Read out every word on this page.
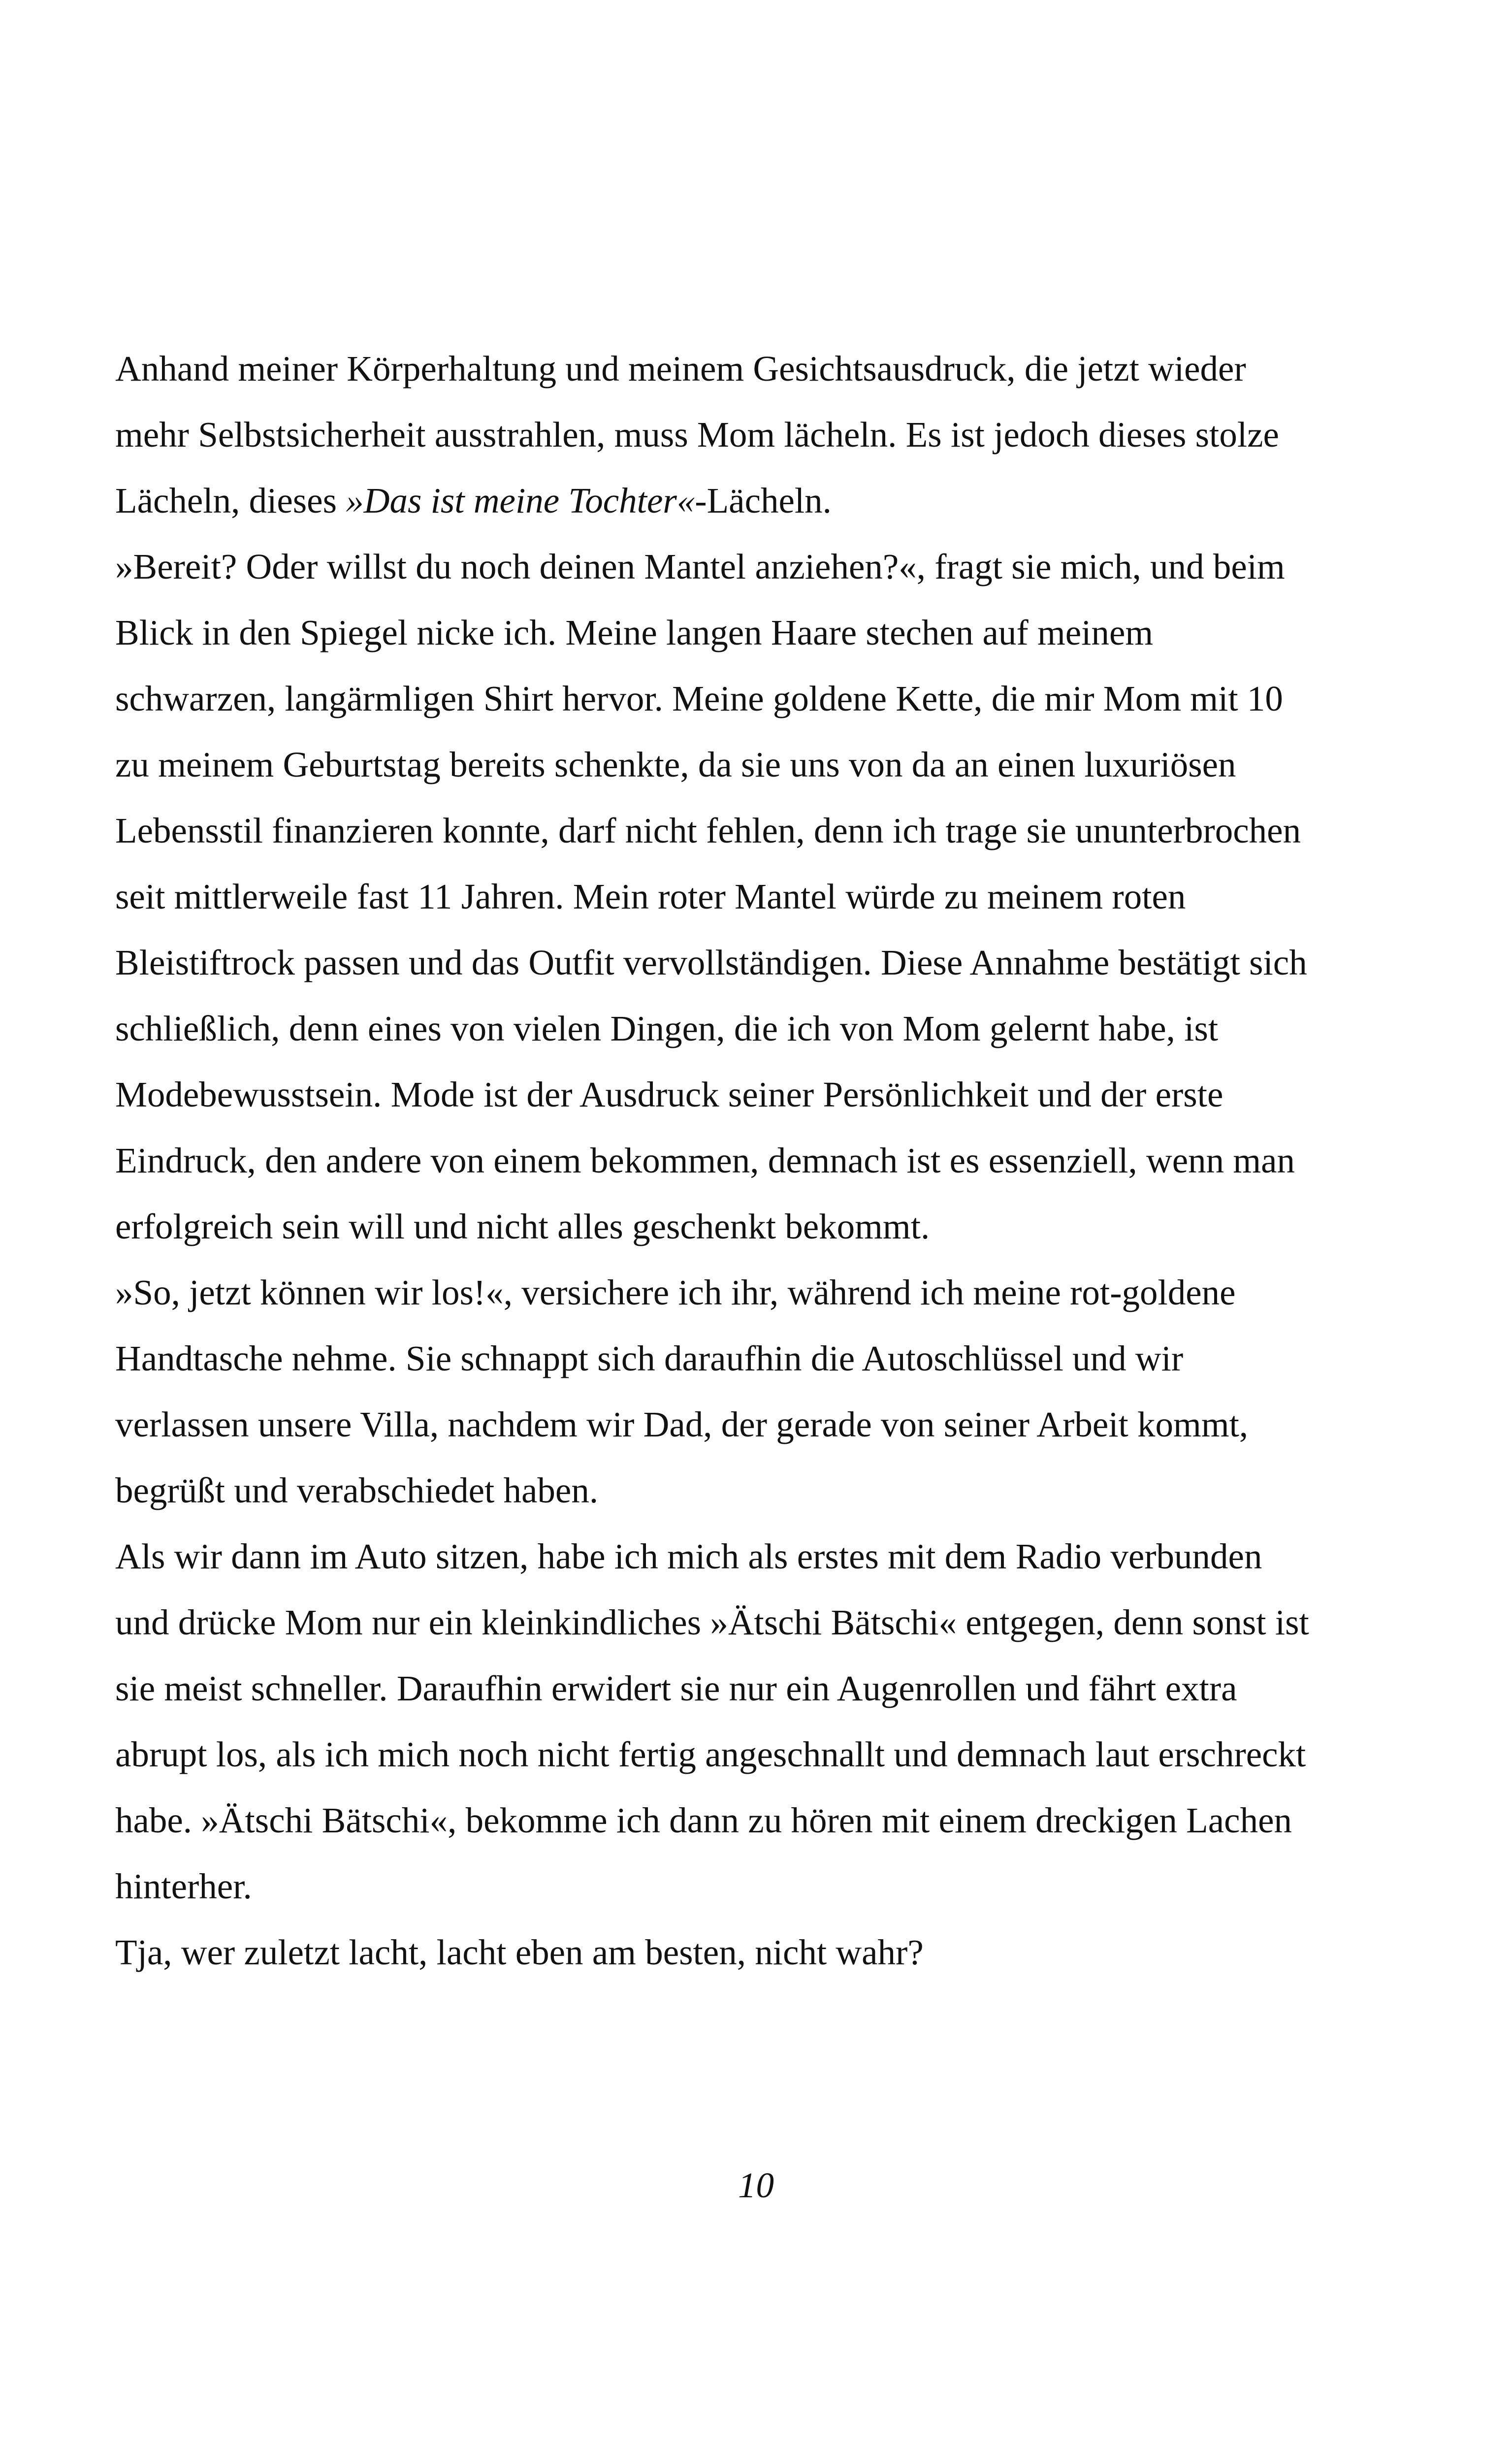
Anhand meiner Körperhaltung und meinem Gesichtsausdruck, die jetzt wieder
mehr Selbstsicherheit ausstrahlen, muss Mom lächeln. Es ist jedoch dieses stolze
Lächeln, dieses »Das ist meine Tochter«-Lächeln.
»Bereit? Oder willst du noch deinen Mantel anziehen?«, fragt sie mich, und beim
Blick in den Spiegel nicke ich. Meine langen Haare stechen auf meinem
schwarzen, langärmligen Shirt hervor. Meine goldene Kette, die mir Mom mit 10
zu meinem Geburtstag bereits schenkte, da sie uns von da an einen luxuriösen
Lebensstil finanzieren konnte, darf nicht fehlen, denn ich trage sie ununterbrochen
seit mittlerweile fast 11 Jahren. Mein roter Mantel würde zu meinem roten
Bleistiftrock passen und das Outfit vervollständigen. Diese Annahme bestätigt sich
schließlich, denn eines von vielen Dingen, die ich von Mom gelernt habe, ist
Modebewusstsein. Mode ist der Ausdruck seiner Persönlichkeit und der erste
Eindruck, den andere von einem bekommen, demnach ist es essenziell, wenn man
erfolgreich sein will und nicht alles geschenkt bekommt.
»So, jetzt können wir los!«, versichere ich ihr, während ich meine rot-goldene
Handtasche nehme. Sie schnappt sich daraufhin die Autoschlüssel und wir
verlassen unsere Villa, nachdem wir Dad, der gerade von seiner Arbeit kommt,
begrüßt und verabschiedet haben.
Als wir dann im Auto sitzen, habe ich mich als erstes mit dem Radio verbunden
und drücke Mom nur ein kleinkindliches »Ätschi Bätschi« entgegen, denn sonst ist
sie meist schneller. Daraufhin erwidert sie nur ein Augenrollen und fährt extra
abrupt los, als ich mich noch nicht fertig angeschnallt und demnach laut erschreckt
habe. »Ätschi Bätschi«, bekomme ich dann zu hören mit einem dreckigen Lachen
hinterher.
Tja, wer zuletzt lacht, lacht eben am besten, nicht wahr?
10
